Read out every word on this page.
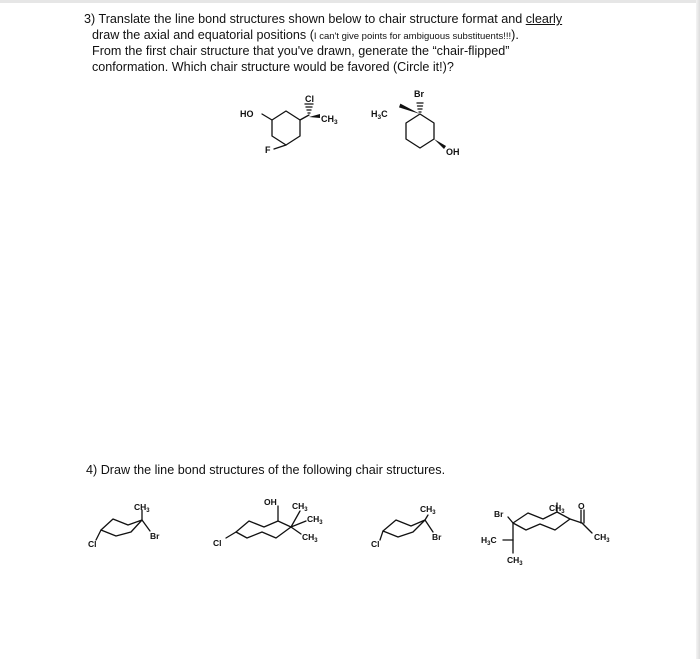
3) Translate the line bond structures shown below to chair structure format and clearly
draw the axial and equatorial positions (I can't give points for ambiguous substituents!!!).
From the first chair structure that you've drawn, generate the “chair-flipped”
conformation. Which chair structure would be favored (Circle it!)?
HO
Cl
$CH_3$
F
Br
$H_3C$
OH
4) Draw the line bond structures of the following chair structures.
$CH_3$
Cl
Br
OH $CH_3$
$CH_3$
$CH_3$
Cl
$CH_3$
Cl
Br
Br
$CH_3$
O
$CH_3$
$H_3C$
$CH_3$
